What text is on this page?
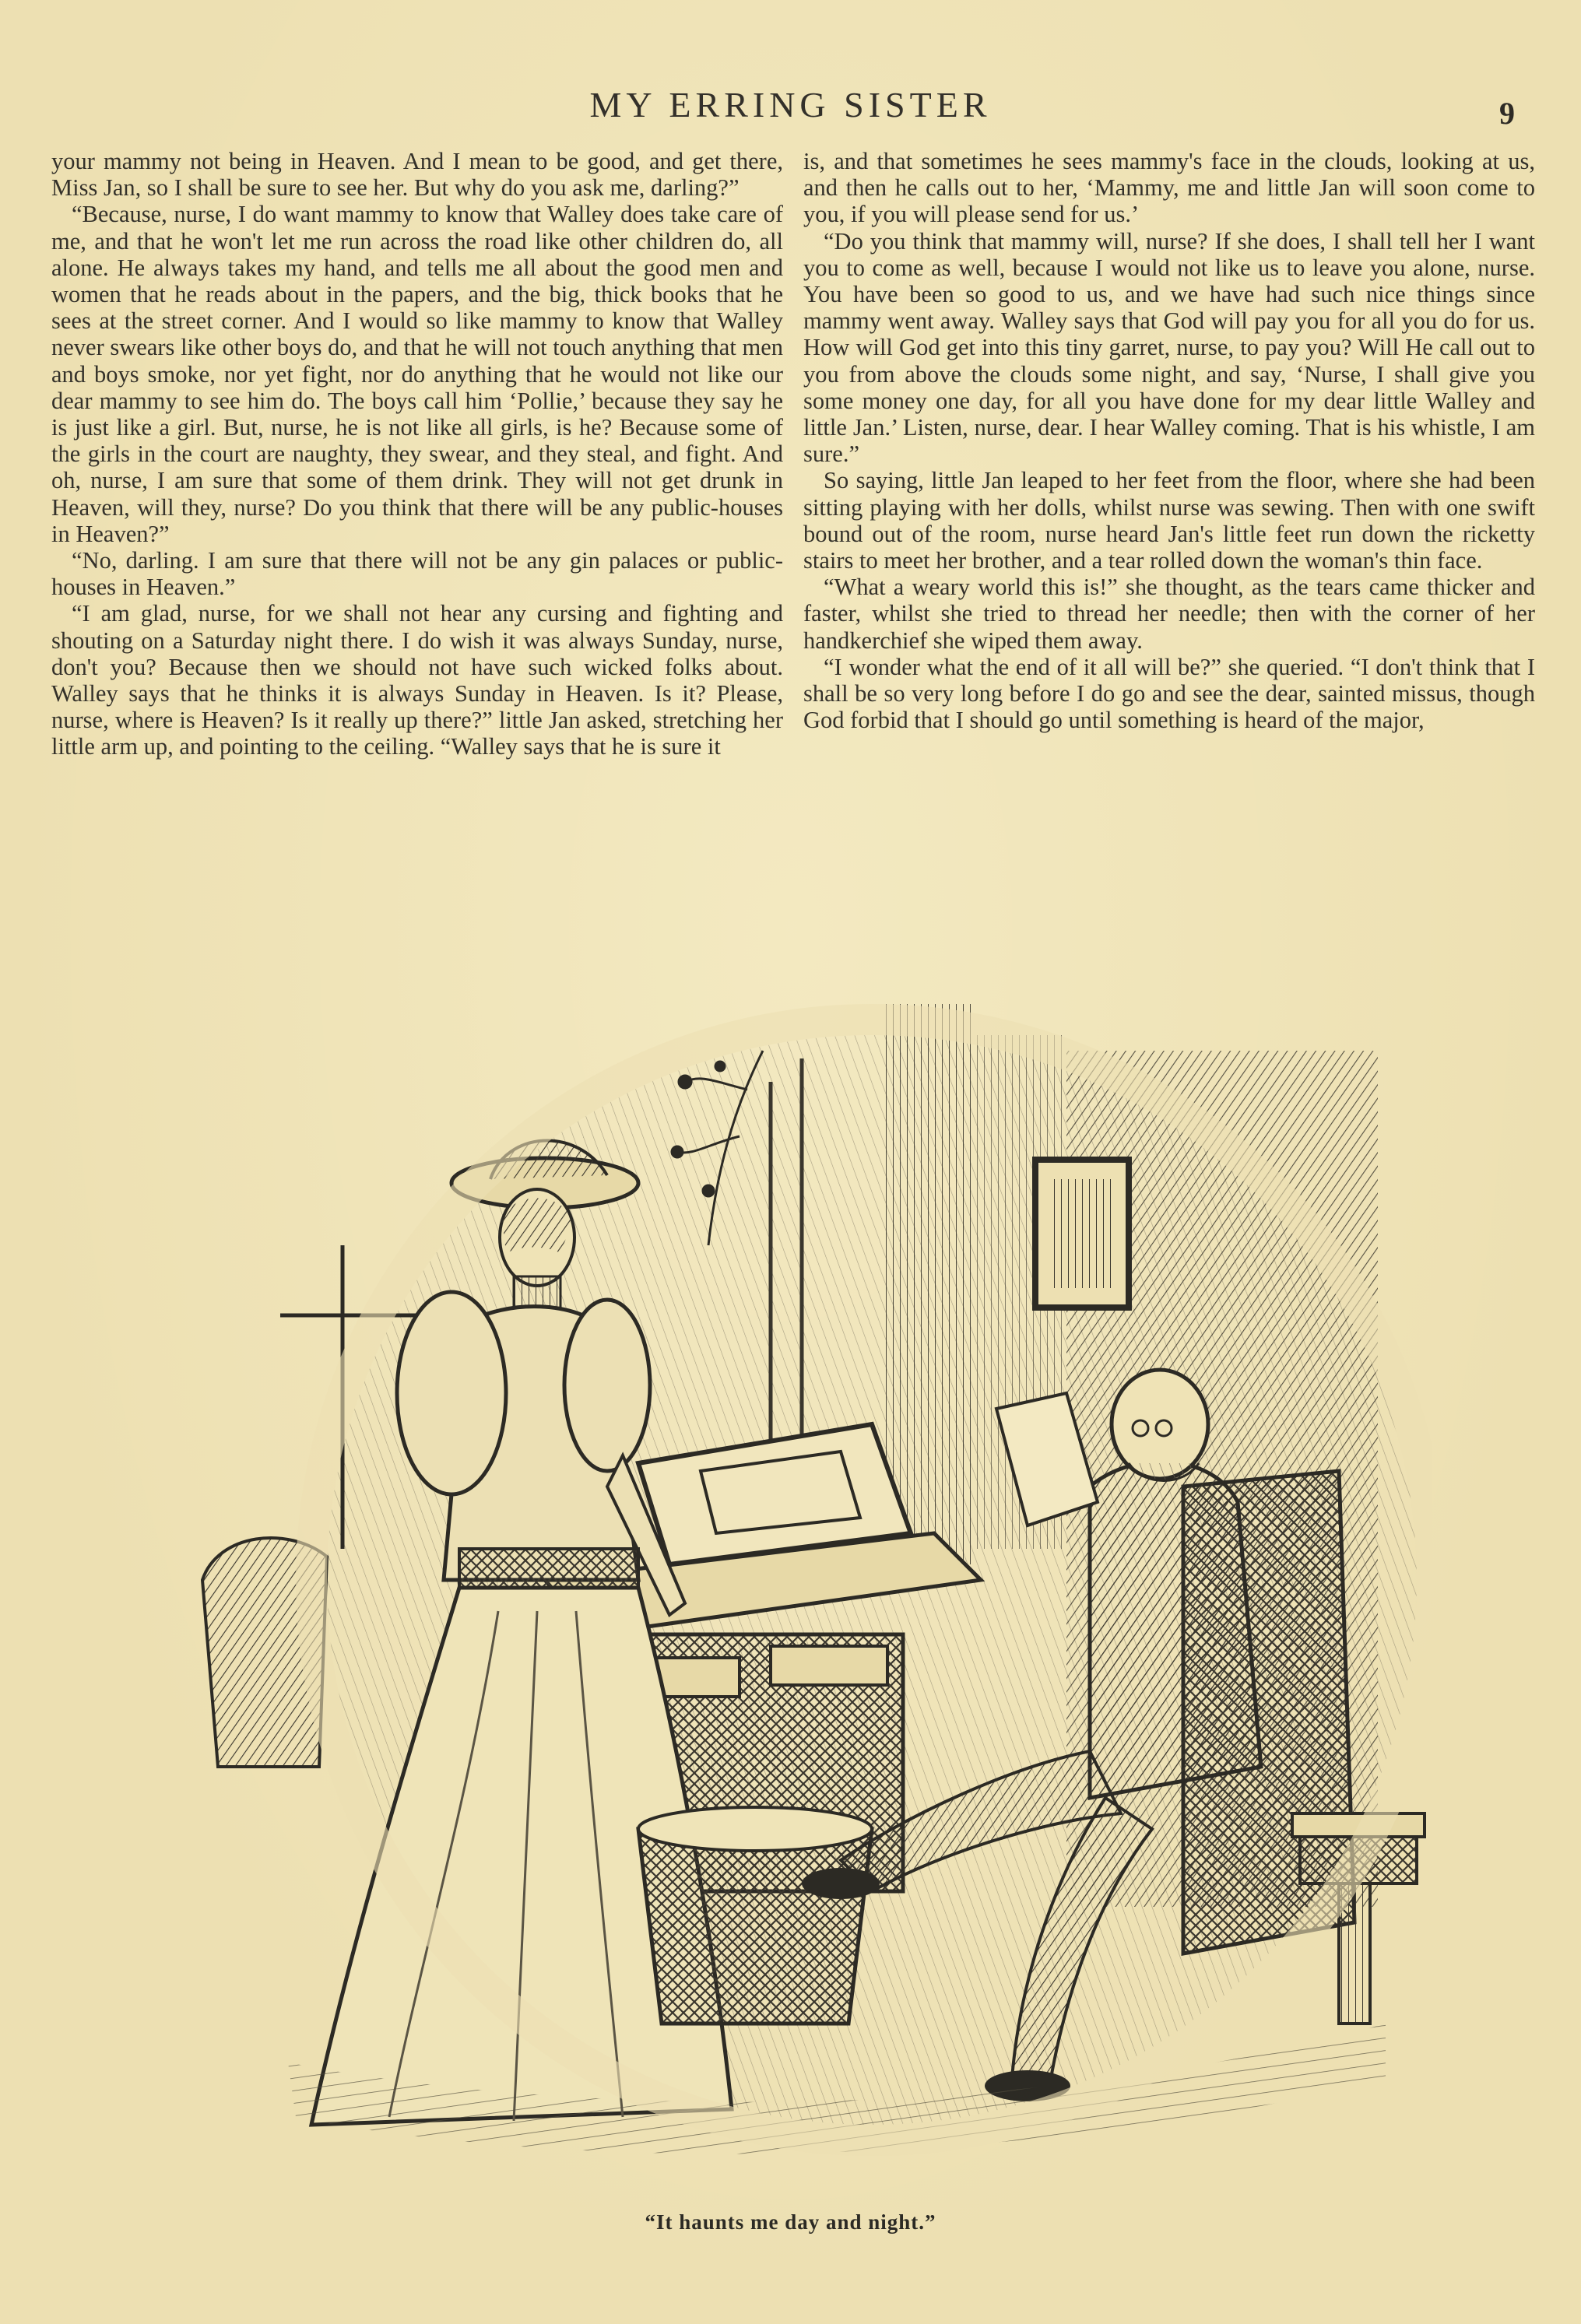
MY ERRING SISTER	9

your mammy not being in Heaven. And I mean to be good, and get there, Miss Jan, so I shall be sure to see her. But why do you ask me, darling?”

“Because, nurse, I do want mammy to know that Walley does take care of me, and that he won't let me run across the road like other children do, all alone. He always takes my hand, and tells me all about the good men and women that he reads about in the papers, and the big, thick books that he sees at the street corner. And I would so like mammy to know that Walley never swears like other boys do, and that he will not touch anything that men and boys smoke, nor yet fight, nor do anything that he would not like our dear mammy to see him do. The boys call him ‘Pollie,’ because they say he is just like a girl. But, nurse, he is not like all girls, is he? Because some of the girls in the court are naughty, they swear, and they steal, and fight. And oh, nurse, I am sure that some of them drink. They will not get drunk in Heaven, will they, nurse? Do you think that there will be any public-houses in Heaven?”

“No, darling. I am sure that there will not be any gin palaces or public-houses in Heaven.”

“I am glad, nurse, for we shall not hear any cursing and fighting and shouting on a Saturday night there. I do wish it was always Sunday, nurse, don't you? Because then we should not have such wicked folks about. Walley says that he thinks it is always Sunday in Heaven. Is it? Please, nurse, where is Heaven? Is it really up there?” little Jan asked, stretching her little arm up, and pointing to the ceiling. “Walley says that he is sure it

is, and that sometimes he sees mammy's face in the clouds, looking at us, and then he calls out to her, ‘Mammy, me and little Jan will soon come to you, if you will please send for us.’

“Do you think that mammy will, nurse? If she does, I shall tell her I want you to come as well, because I would not like us to leave you alone, nurse. You have been so good to us, and we have had such nice things since mammy went away. Walley says that God will pay you for all you do for us. How will God get into this tiny garret, nurse, to pay you? Will He call out to you from above the clouds some night, and say, ‘Nurse, I shall give you some money one day, for all you have done for my dear little Walley and little Jan.’ Listen, nurse, dear. I hear Walley coming. That is his whistle, I am sure.”

So saying, little Jan leaped to her feet from the floor, where she had been sitting playing with her dolls, whilst nurse was sewing. Then with one swift bound out of the room, nurse heard Jan's little feet run down the ricketty stairs to meet her brother, and a tear rolled down the woman's thin face.

“What a weary world this is!” she thought, as the tears came thicker and faster, whilst she tried to thread her needle; then with the corner of her handkerchief she wiped them away.

“I wonder what the end of it all will be?” she queried. “I don't think that I shall be so very long before I do go and see the dear, sainted missus, though God forbid that I should go until something is heard of the major,

“It haunts me day and night.”
